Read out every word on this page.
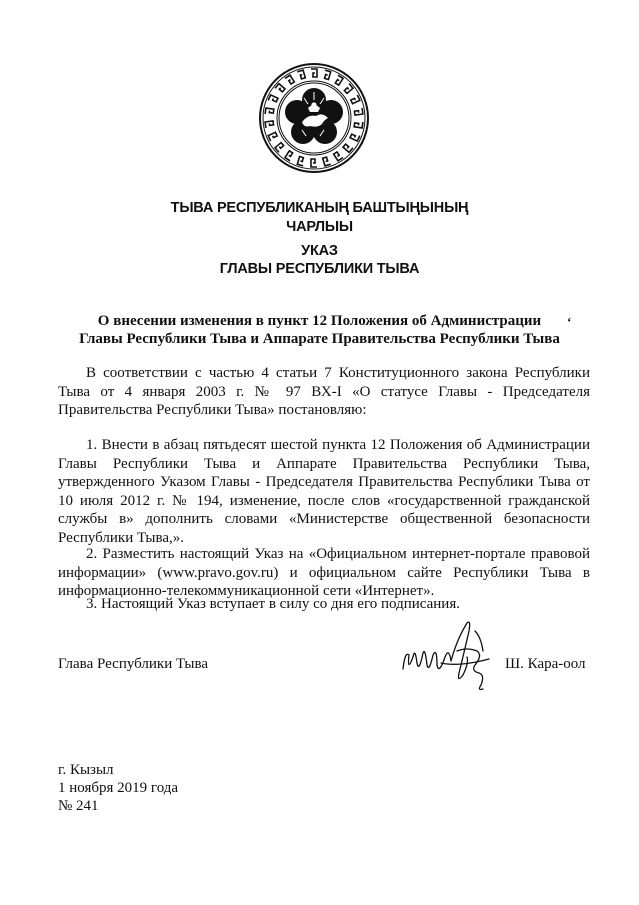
ТЫВА РЕСПУБЛИКАНЫҢ БАШТЫҢЫНЫҢ
ЧАРЛЫЫ
УКАЗ
ГЛАВЫ РЕСПУБЛИКИ ТЫВА
О внесении изменения в пункт 12 Положения об Администрации
Главы Республики Тыва и Аппарате Правительства Республики Тыва
‘
В соответствии с частью 4 статьи 7 Конституционного закона Республики Тыва от 4 января 2003 г. № 97 ВХ-I «О статусе Главы - Председателя Правительства Республики Тыва» постановляю:
1. Внести в абзац пятьдесят шестой пункта 12 Положения об Администрации Главы Республики Тыва и Аппарате Правительства Республики Тыва, утвержденного Указом Главы - Председателя Правительства Республики Тыва от 10 июля 2012 г. № 194, изменение, после слов «государственной гражданской службы в» дополнить словами «Министерстве общественной безопасности Республики Тыва,».
2. Разместить настоящий Указ на «Официальном интернет-портале правовой информации» (www.pravo.gov.ru) и официальном сайте Республики Тыва в информационно-телекоммуникационной сети «Интернет».
3. Настоящий Указ вступает в силу со дня его подписания.
Глава Республики Тыва	Ш. Кара-оол
г. Кызыл
1 ноября 2019 года
№ 241
